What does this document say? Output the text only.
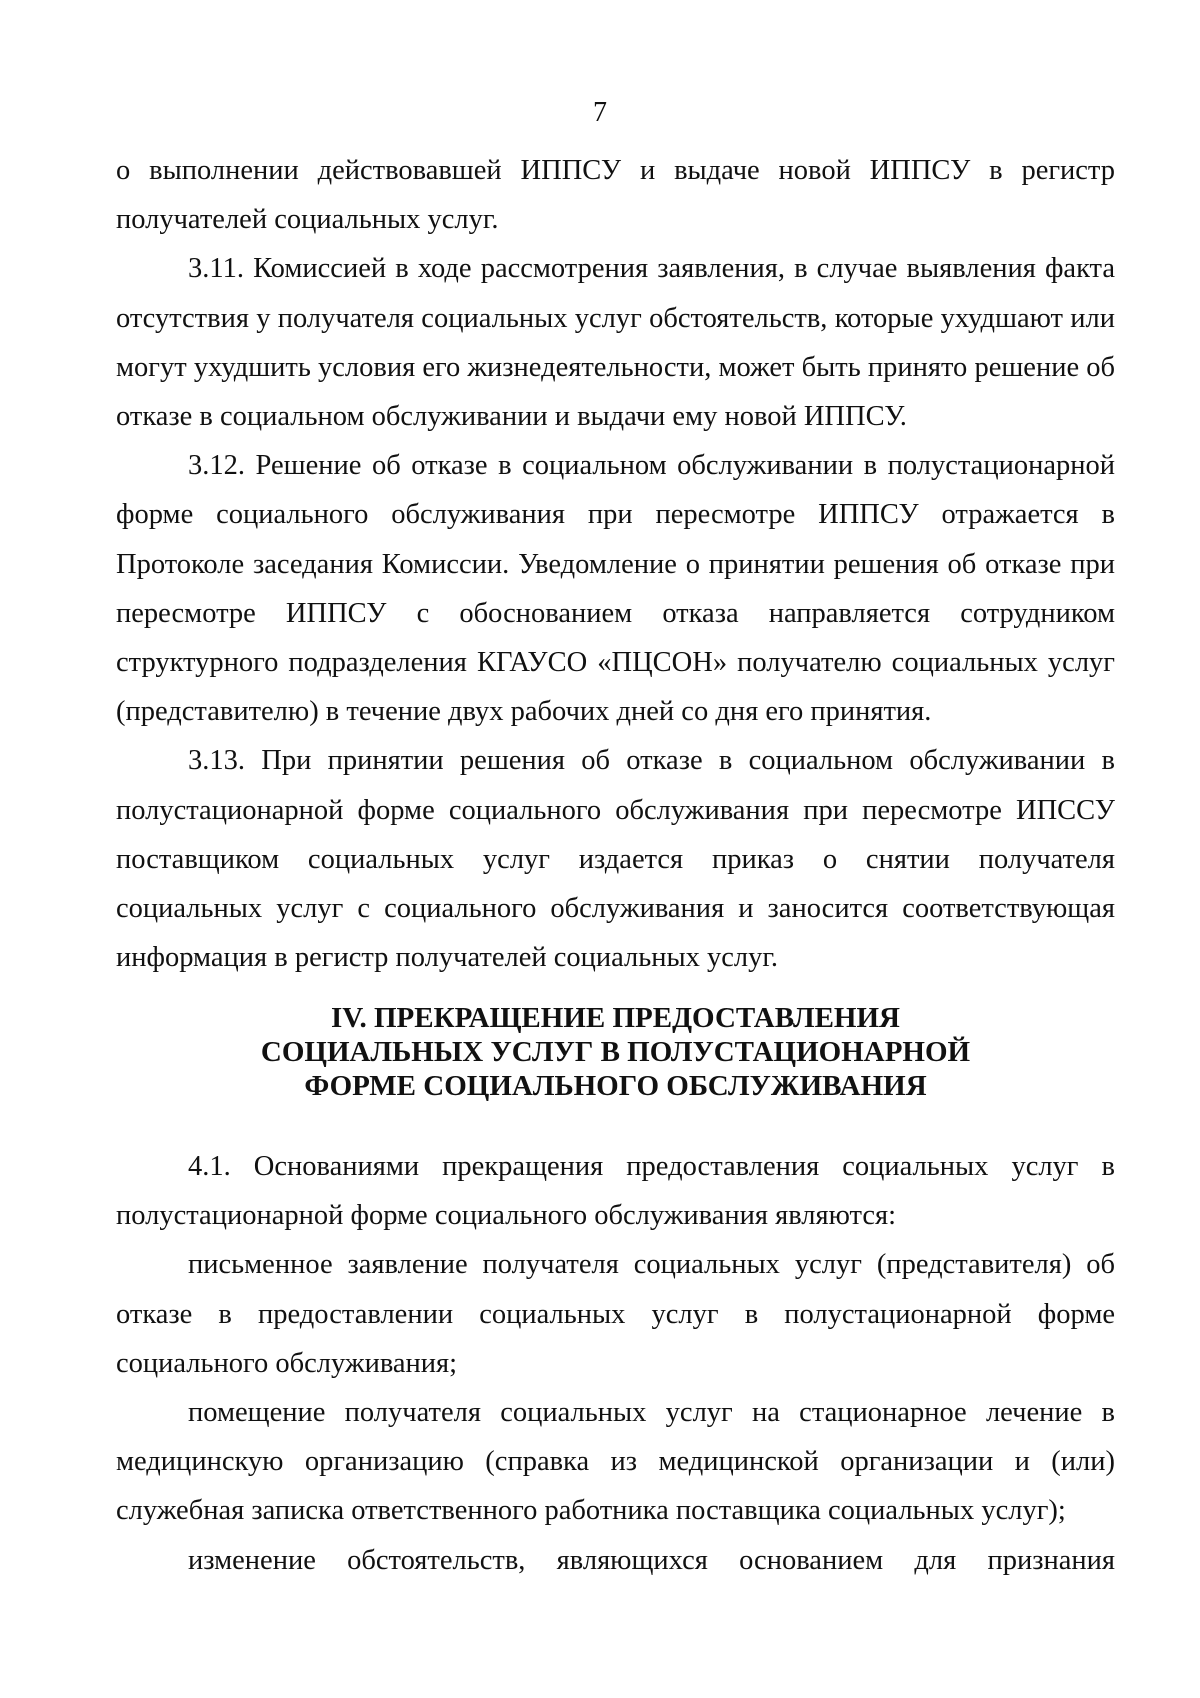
7

о выполнении действовавшей ИППСУ и выдаче новой ИППСУ в регистр получателей социальных услуг.

3.11. Комиссией в ходе рассмотрения заявления, в случае выявления факта отсутствия у получателя социальных услуг обстоятельств, которые ухудшают или могут ухудшить условия его жизнедеятельности, может быть принято решение об отказе в социальном обслуживании и выдачи ему новой ИППСУ.

3.12. Решение об отказе в социальном обслуживании в полустационарной форме социального обслуживания при пересмотре ИППСУ отражается в Протоколе заседания Комиссии. Уведомление о принятии решения об отказе при пересмотре ИППСУ с обоснованием отказа направляется сотрудником структурного подразделения КГАУСО «ПЦСОН» получателю социальных услуг (представителю) в течение двух рабочих дней со дня его принятия.

3.13. При принятии решения об отказе в социальном обслуживании в полустационарной форме социального обслуживания при пересмотре ИПССУ поставщиком социальных услуг издается приказ о снятии получателя социальных услуг с социального обслуживания и заносится соответствующая информация в регистр получателей социальных услуг.

IV. ПРЕКРАЩЕНИЕ ПРЕДОСТАВЛЕНИЯ
СОЦИАЛЬНЫХ УСЛУГ В ПОЛУСТАЦИОНАРНОЙ
ФОРМЕ СОЦИАЛЬНОГО ОБСЛУЖИВАНИЯ

4.1. Основаниями прекращения предоставления социальных услуг в полустационарной форме социального обслуживания являются:

письменное заявление получателя социальных услуг (представителя) об отказе в предоставлении социальных услуг в полустационарной форме социального обслуживания;

помещение получателя социальных услуг на стационарное лечение в медицинскую организацию (справка из медицинской организации и (или) служебная записка ответственного работника поставщика социальных услуг);

изменение обстоятельств, являющихся основанием для признания
